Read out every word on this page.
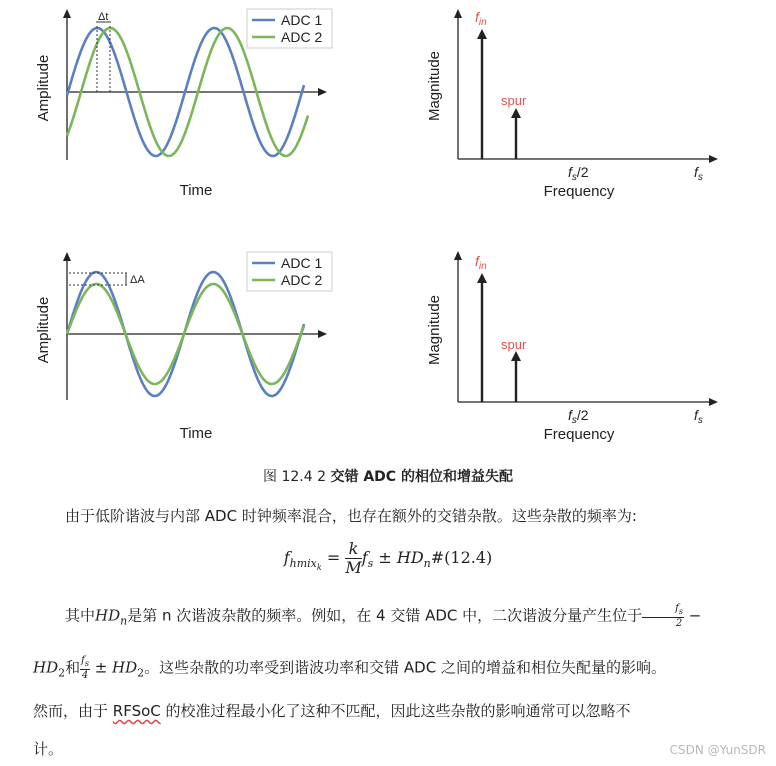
Δt
Amplitude
Time
ADC 1
ADC 2
$f_{in}$
spur
Magnitude
Frequency
$f_s/2$	$f_s$
ΔA
Amplitude
Time
ADC 1
ADC 2
$f_{in}$
spur
Magnitude
Frequency
$f_s/2$	$f_s$
图 12.4 2 交错 ADC 的相位和增益失配
由于低阶谐波与内部 ADC 时钟频率混合，也存在额外的交错杂散。这些杂散的频率为:
$f_{hmix_k} = \frac{k}{M} f_s$ ± $HD_n\#(12.4)$
其中$HD_n$是第 n 次谐波杂散的频率。例如，在 4 交错 ADC 中，二次谐波分量产生位于 $\frac{f_s}{2}$ −
$HD_2$和 $\frac{f_s}{4} \pm HD_2$。这些杂散的功率受到谐波功率和交错 ADC 之间的增益和相位失配量的影响。
然而，由于 RFSoC 的校准过程最小化了这种不匹配，因此这些杂散的影响通常可以忽略不
计。	CSDN @YunSDR
